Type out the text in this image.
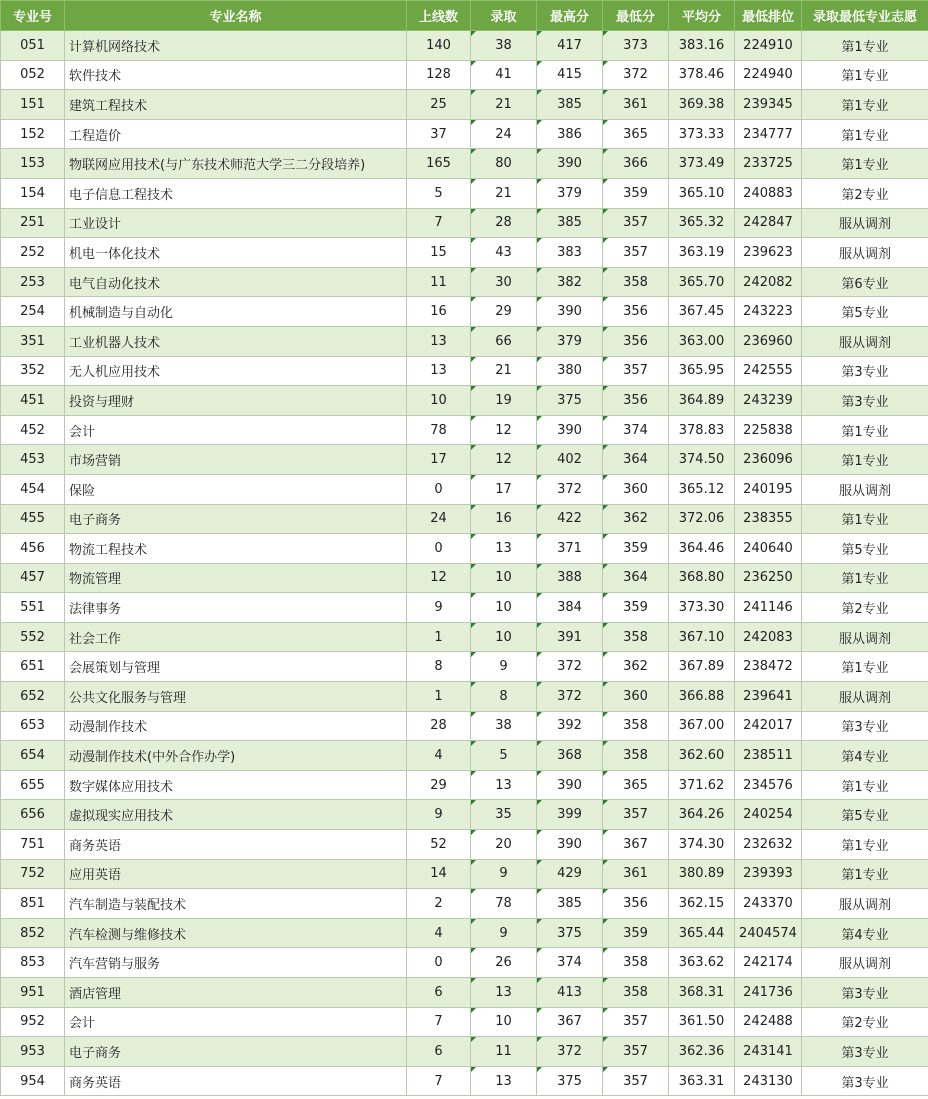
专业号	专业名称	上线数	录取	最高分	最低分	平均分	最低排位	录取最低专业志愿
051	计算机网络技术	140	38	417	373	383.16	224910	第1专业
052	软件技术	128	41	415	372	378.46	224940	第1专业
151	建筑工程技术	25	21	385	361	369.38	239345	第1专业
152	工程造价	37	24	386	365	373.33	234777	第1专业
153	物联网应用技术(与广东技术师范大学三二分段培养)	165	80	390	366	373.49	233725	第1专业
154	电子信息工程技术	5	21	379	359	365.10	240883	第2专业
251	工业设计	7	28	385	357	365.32	242847	服从调剂
252	机电一体化技术	15	43	383	357	363.19	239623	服从调剂
253	电气自动化技术	11	30	382	358	365.70	242082	第6专业
254	机械制造与自动化	16	29	390	356	367.45	243223	第5专业
351	工业机器人技术	13	66	379	356	363.00	236960	服从调剂
352	无人机应用技术	13	21	380	357	365.95	242555	第3专业
451	投资与理财	10	19	375	356	364.89	243239	第3专业
452	会计	78	12	390	374	378.83	225838	第1专业
453	市场营销	17	12	402	364	374.50	236096	第1专业
454	保险	0	17	372	360	365.12	240195	服从调剂
455	电子商务	24	16	422	362	372.06	238355	第1专业
456	物流工程技术	0	13	371	359	364.46	240640	第5专业
457	物流管理	12	10	388	364	368.80	236250	第1专业
551	法律事务	9	10	384	359	373.30	241146	第2专业
552	社会工作	1	10	391	358	367.10	242083	服从调剂
651	会展策划与管理	8	9	372	362	367.89	238472	第1专业
652	公共文化服务与管理	1	8	372	360	366.88	239641	服从调剂
653	动漫制作技术	28	38	392	358	367.00	242017	第3专业
654	动漫制作技术(中外合作办学)	4	5	368	358	362.60	238511	第4专业
655	数字媒体应用技术	29	13	390	365	371.62	234576	第1专业
656	虚拟现实应用技术	9	35	399	357	364.26	240254	第5专业
751	商务英语	52	20	390	367	374.30	232632	第1专业
752	应用英语	14	9	429	361	380.89	239393	第1专业
851	汽车制造与装配技术	2	78	385	356	362.15	243370	服从调剂
852	汽车检测与维修技术	4	9	375	359	365.44	2404574	第4专业
853	汽车营销与服务	0	26	374	358	363.62	242174	服从调剂
951	酒店管理	6	13	413	358	368.31	241736	第3专业
952	会计	7	10	367	357	361.50	242488	第2专业
953	电子商务	6	11	372	357	362.36	243141	第3专业
954	商务英语	7	13	375	357	363.31	243130	第3专业
